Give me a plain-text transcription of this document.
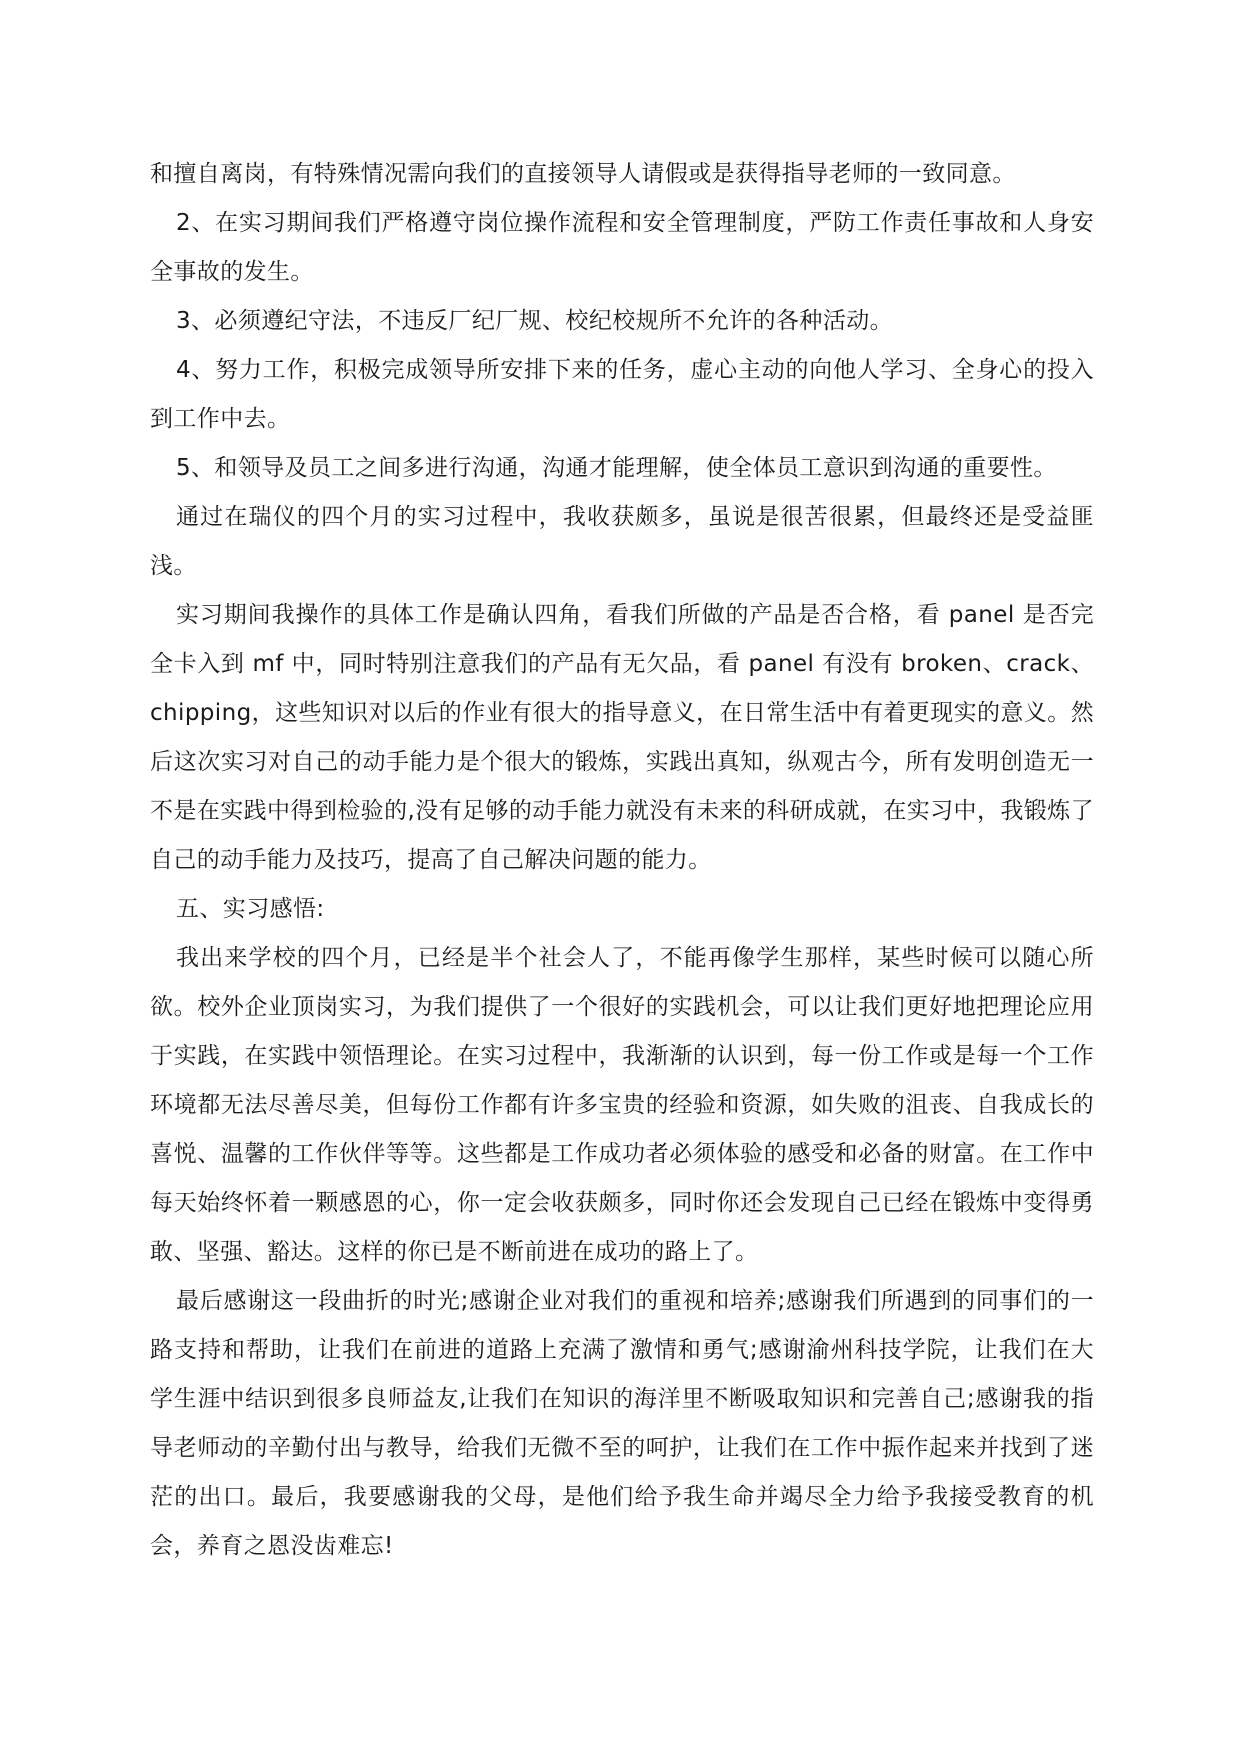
和擅自离岗，有特殊情况需向我们的直接领导人请假或是获得指导老师的一致同意。

2、在实习期间我们严格遵守岗位操作流程和安全管理制度，严防工作责任事故和人身安全事故的发生。

3、必须遵纪守法，不违反厂纪厂规、校纪校规所不允许的各种活动。

4、努力工作，积极完成领导所安排下来的任务，虚心主动的向他人学习、全身心的投入到工作中去。

5、和领导及员工之间多进行沟通，沟通才能理解，使全体员工意识到沟通的重要性。

通过在瑞仪的四个月的实习过程中，我收获颇多，虽说是很苦很累，但最终还是受益匪浅。

实习期间我操作的具体工作是确认四角，看我们所做的产品是否合格，看 panel 是否完全卡入到 mf 中，同时特别注意我们的产品有无欠品，看 panel 有没有 broken、crack、chipping，这些知识对以后的作业有很大的指导意义，在日常生活中有着更现实的意义。然后这次实习对自己的动手能力是个很大的锻炼，实践出真知，纵观古今，所有发明创造无一不是在实践中得到检验的,没有足够的动手能力就没有未来的科研成就，在实习中，我锻炼了自己的动手能力及技巧，提高了自己解决问题的能力。

五、实习感悟:

我出来学校的四个月，已经是半个社会人了，不能再像学生那样，某些时候可以随心所欲。校外企业顶岗实习，为我们提供了一个很好的实践机会，可以让我们更好地把理论应用于实践，在实践中领悟理论。在实习过程中，我渐渐的认识到，每一份工作或是每一个工作环境都无法尽善尽美，但每份工作都有许多宝贵的经验和资源，如失败的沮丧、自我成长的喜悦、温馨的工作伙伴等等。这些都是工作成功者必须体验的感受和必备的财富。在工作中每天始终怀着一颗感恩的心，你一定会收获颇多，同时你还会发现自己已经在锻炼中变得勇敢、坚强、豁达。这样的你已是不断前进在成功的路上了。

最后感谢这一段曲折的时光;感谢企业对我们的重视和培养;感谢我们所遇到的同事们的一路支持和帮助，让我们在前进的道路上充满了激情和勇气;感谢渝州科技学院，让我们在大学生涯中结识到很多良师益友,让我们在知识的海洋里不断吸取知识和完善自己;感谢我的指导老师动的辛勤付出与教导，给我们无微不至的呵护，让我们在工作中振作起来并找到了迷茫的出口。最后，我要感谢我的父母，是他们给予我生命并竭尽全力给予我接受教育的机会，养育之恩没齿难忘!
